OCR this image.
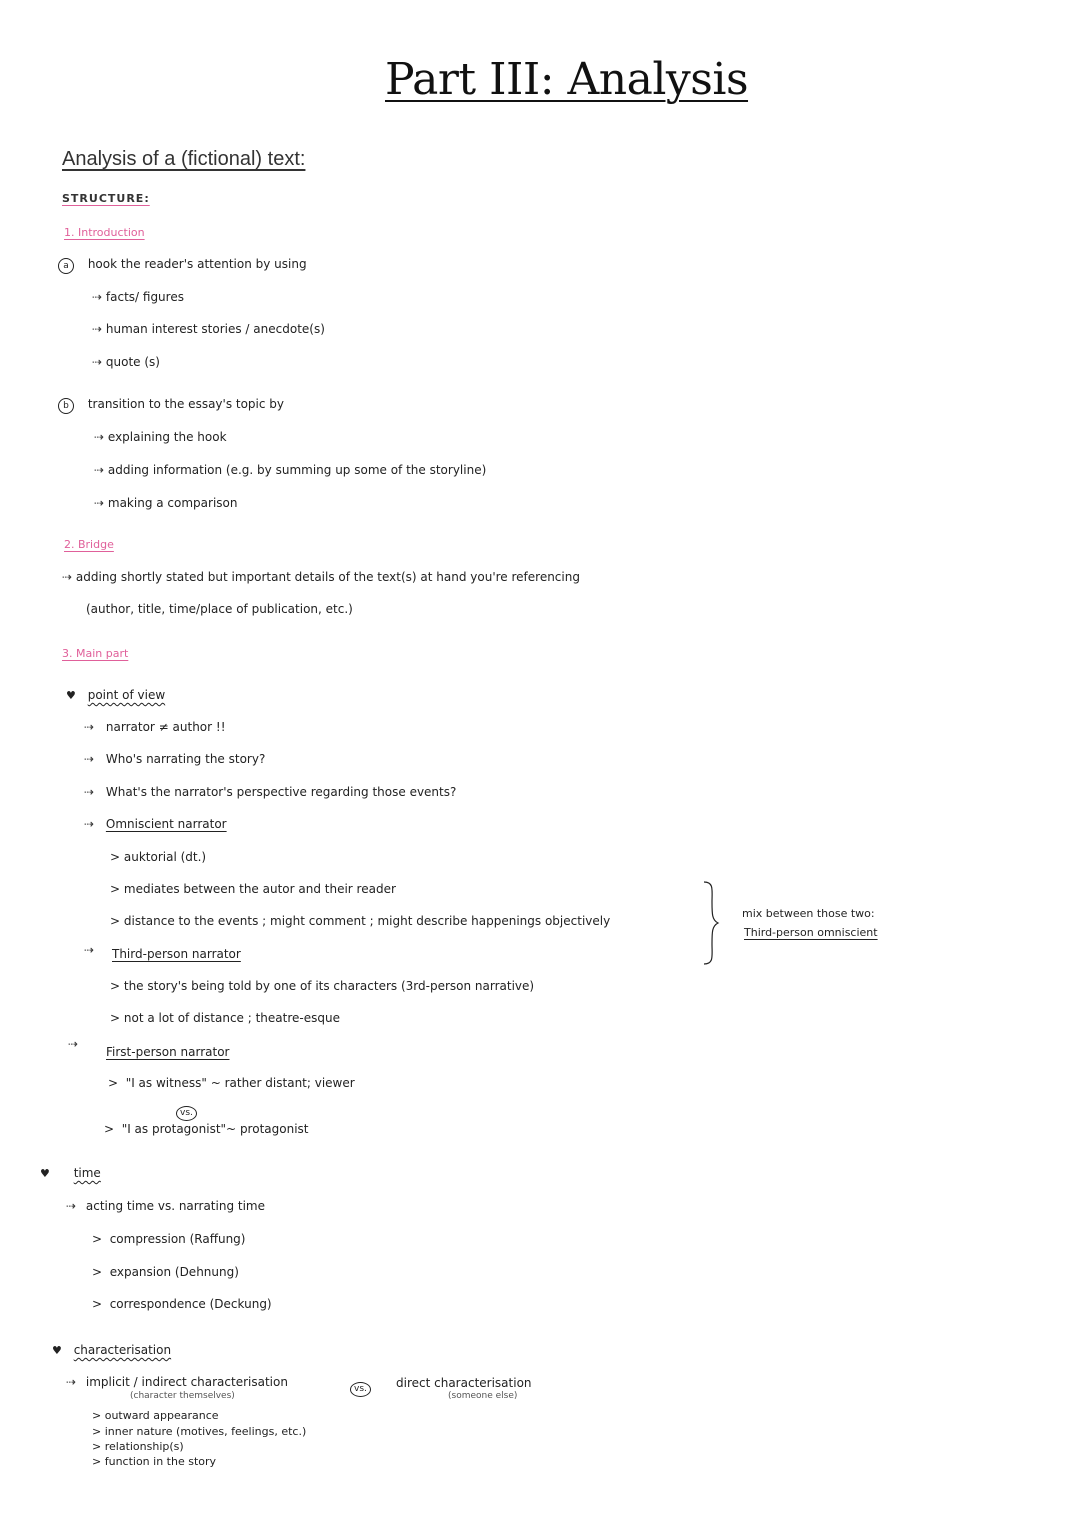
Part III: Analysis
Analysis of a (fictional) text:
STRUCTURE:
1. Introduction
a hook the reader's attention by using
⇢ facts/ figures
⇢ human interest stories / anecdote(s)
⇢ quote (s)
b transition to the essay's topic by
⇢ explaining the hook
⇢ adding information (e.g. by summing up some of the storyline)
⇢ making a comparison
2. Bridge
⇢ adding shortly stated but important details of the text(s) at hand you're referencing
(author, title, time/place of publication, etc.)
3. Main part
♥ point of view
⇢ narrator ≠ author !!
⇢ Who's narrating the story?
⇢ What's the narrator's perspective regarding those events?
⇢ Omniscient narrator
> auktorial (dt.)
> mediates between the autor and their reader
> distance to the events ; might comment ; might describe happenings objectively
mix between those two:
Third-person omniscient
⇢ Third-person narrator
> the story's being told by one of its characters (3rd-person narrative)
> not a lot of distance ; theatre-esque
⇢
First-person narrator
>  "I as witness" ~ rather distant; viewer
vs.
>  "I as protagonist"~ protagonist
♥ time
⇢ acting time vs. narrating time
>  compression (Raffung)
>  expansion (Dehnung)
>  correspondence (Deckung)
♥ characterisation
⇢ implicit / indirect characterisation
(character themselves)
vs.	direct characterisation
(someone else)
> outward appearance
> inner nature (motives, feelings, etc.)
> relationship(s)
> function in the story
